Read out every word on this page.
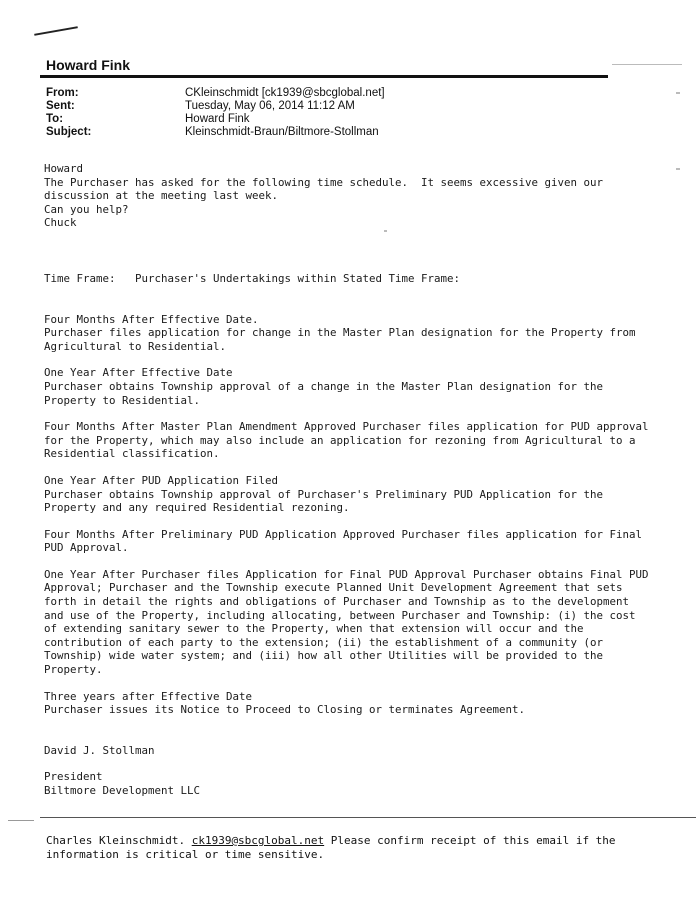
Howard Fink
From:	CKleinschmidt [ck1939@sbcglobal.net]
Sent:	Tuesday, May 06, 2014 11:12 AM
To:	Howard Fink
Subject:	Kleinschmidt-Braun/Biltmore-Stollman
Howard
The Purchaser has asked for the following time schedule.  It seems excessive given our
discussion at the meeting last week.
Can you help?
Chuck
Time Frame:   Purchaser's Undertakings within Stated Time Frame:
Four Months After Effective Date.
Purchaser files application for change in the Master Plan designation for the Property from
Agricultural to Residential.
One Year After Effective Date
Purchaser obtains Township approval of a change in the Master Plan designation for the
Property to Residential.
Four Months After Master Plan Amendment Approved Purchaser files application for PUD approval
for the Property, which may also include an application for rezoning from Agricultural to a
Residential classification.
One Year After PUD Application Filed
Purchaser obtains Township approval of Purchaser's Preliminary PUD Application for the
Property and any required Residential rezoning.
Four Months After Preliminary PUD Application Approved Purchaser files application for Final
PUD Approval.
One Year After Purchaser files Application for Final PUD Approval Purchaser obtains Final PUD
Approval; Purchaser and the Township execute Planned Unit Development Agreement that sets
forth in detail the rights and obligations of Purchaser and Township as to the development
and use of the Property, including allocating, between Purchaser and Township: (i) the cost
of extending sanitary sewer to the Property, when that extension will occur and the
contribution of each party to the extension; (ii) the establishment of a community (or
Township) wide water system; and (iii) how all other Utilities will be provided to the
Property.
Three years after Effective Date
Purchaser issues its Notice to Proceed to Closing or terminates Agreement.
David J. Stollman
President
Biltmore Development LLC
Charles Kleinschmidt. ck1939@sbcglobal.net Please confirm receipt of this email if the
information is critical or time sensitive.
